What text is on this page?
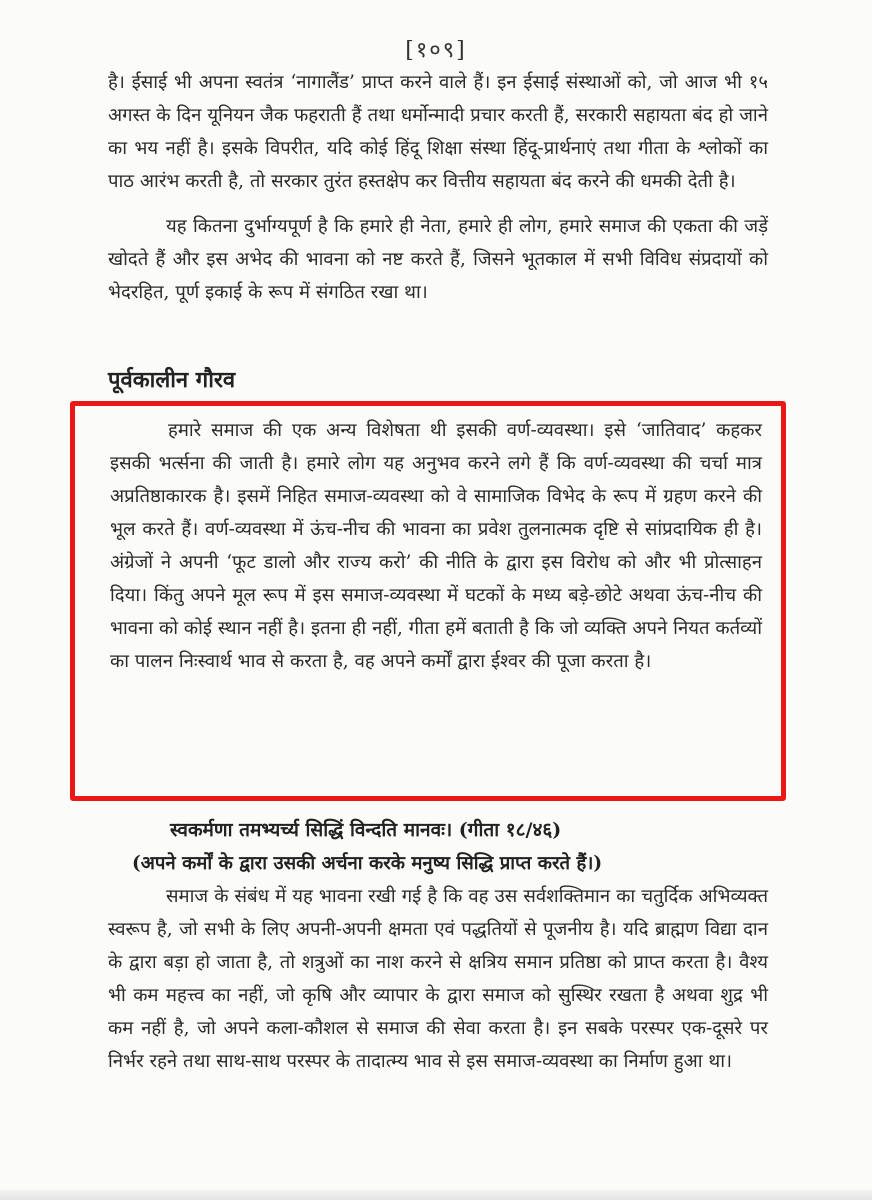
[१०९]

है। ईसाई भी अपना स्वतंत्र ‘नागालैंड’ प्राप्त करने वाले हैं। इन ईसाई संस्थाओं को, जो आज भी १५ अगस्त के दिन यूनियन जैक फहराती हैं तथा धर्मोन्मादी प्रचार करती हैं, सरकारी सहायता बंद हो जाने का भय नहीं है। इसके विपरीत, यदि कोई हिंदू शिक्षा संस्था हिंदू-प्रार्थनाएं तथा गीता के श्लोकों का पाठ आरंभ करती है, तो सरकार तुरंत हस्तक्षेप कर वित्तीय सहायता बंद करने की धमकी देती है।

यह कितना दुर्भाग्यपूर्ण है कि हमारे ही नेता, हमारे ही लोग, हमारे समाज की एकता की जड़ें खोदते हैं और इस अभेद की भावना को नष्ट करते हैं, जिसने भूतकाल में सभी विविध संप्रदायों को भेदरहित, पूर्ण इकाई के रूप में संगठित रखा था।

पूर्वकालीन गौरव

हमारे समाज की एक अन्य विशेषता थी इसकी वर्ण-व्यवस्था। इसे ‘जातिवाद’ कहकर इसकी भर्त्सना की जाती है। हमारे लोग यह अनुभव करने लगे हैं कि वर्ण-व्यवस्था की चर्चा मात्र अप्रतिष्ठाकारक है। इसमें निहित समाज-व्यवस्था को वे सामाजिक विभेद के रूप में ग्रहण करने की भूल करते हैं। वर्ण-व्यवस्था में ऊंच-नीच की भावना का प्रवेश तुलनात्मक दृष्टि से सांप्रदायिक ही है। अंग्रेजों ने अपनी ‘फूट डालो और राज्य करो’ की नीति के द्वारा इस विरोध को और भी प्रोत्साहन दिया। किंतु अपने मूल रूप में इस समाज-व्यवस्था में घटकों के मध्य बड़े-छोटे अथवा ऊंच-नीच की भावना को कोई स्थान नहीं है। इतना ही नहीं, गीता हमें बताती है कि जो व्यक्ति अपने नियत कर्तव्यों का पालन निःस्वार्थ भाव से करता है, वह अपने कर्मों द्वारा ईश्वर की पूजा करता है।

स्वकर्मणा तमभ्यर्च्य सिद्धिं विन्दति मानवः। (गीता १८/४६)

(अपने कर्मों के द्वारा उसकी अर्चना करके मनुष्य सिद्धि प्राप्त करते हैं।)

समाज के संबंध में यह भावना रखी गई है कि वह उस सर्वशक्तिमान का चतुर्दिक अभिव्यक्त स्वरूप है, जो सभी के लिए अपनी-अपनी क्षमता एवं पद्धतियों से पूजनीय है। यदि ब्राह्मण विद्या दान के द्वारा बड़ा हो जाता है, तो शत्रुओं का नाश करने से क्षत्रिय समान प्रतिष्ठा को प्राप्त करता है। वैश्य भी कम महत्त्व का नहीं, जो कृषि और व्यापार के द्वारा समाज को सुस्थिर रखता है अथवा शुद्र भी कम नहीं है, जो अपने कला-कौशल से समाज की सेवा करता है। इन सबके परस्पर एक-दूसरे पर निर्भर रहने तथा साथ-साथ परस्पर के तादात्म्य भाव से इस समाज-व्यवस्था का निर्माण हुआ था।
